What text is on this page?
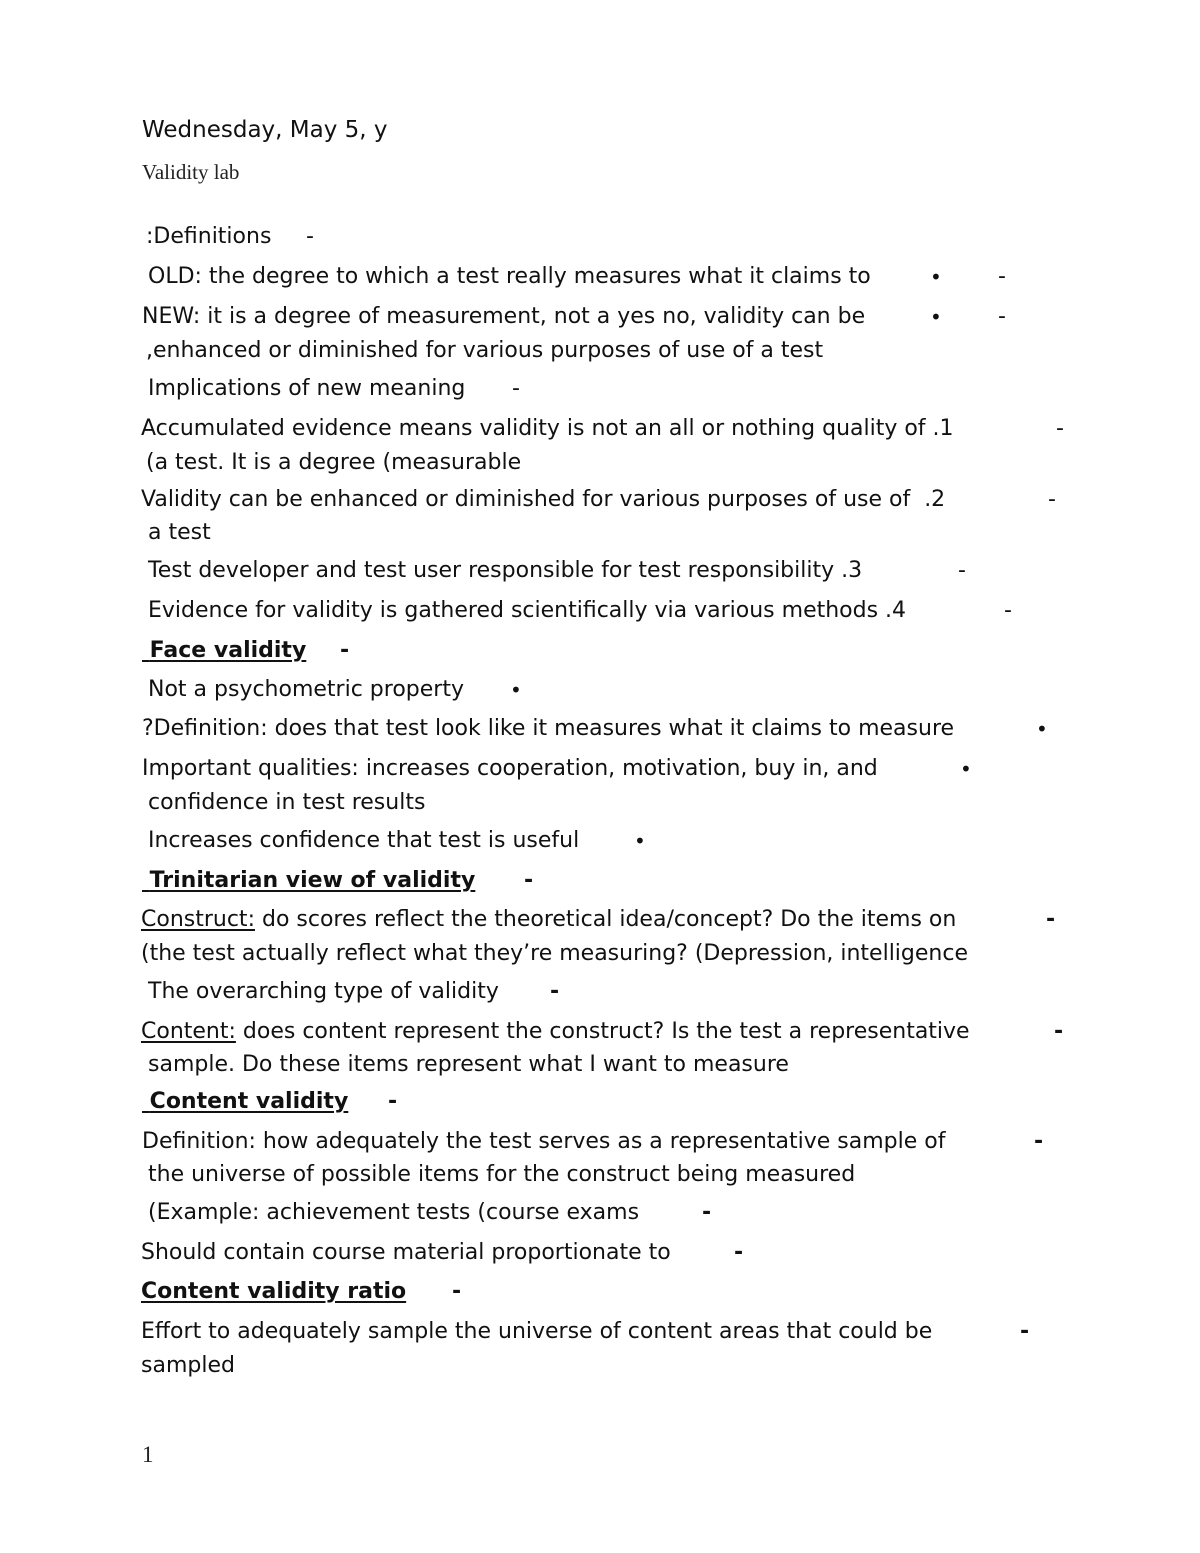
Wednesday, May 5, y
Validity lab
:Definitions -
OLD: the degree to which a test really measures what it claims to	•	-
NEW: it is a degree of measurement, not a yes no, validity can be	•	-
,enhanced or diminished for various purposes of use of a test
Implications of new meaning -
Accumulated evidence means validity is not an all or nothing quality of .1	-
(a test. It is a degree (measurable
Validity can be enhanced or diminished for various purposes of use of  .2	-
a test
Test developer and test user responsible for test responsibility .3	-
Evidence for validity is gathered scientifically via various methods .4	-
Face validity -
Not a psychometric property •
?Definition: does that test look like it measures what it claims to measure	•
Important qualities: increases cooperation, motivation, buy in, and	•
confidence in test results
Increases confidence that test is useful	•
Trinitarian view of validity -
Construct: do scores reflect the theoretical idea/concept? Do the items on	-
(the test actually reflect what they’re measuring? (Depression, intelligence
The overarching type of validity -
Content: does content represent the construct? Is the test a representative	-
sample. Do these items represent what I want to measure
Content validity -
Definition: how adequately the test serves as a representative sample of	-
the universe of possible items for the construct being measured
(Example: achievement tests (course exams	-
Should contain course material proportionate to	-
Content validity ratio -
Effort to adequately sample the universe of content areas that could be	-
sampled
1
